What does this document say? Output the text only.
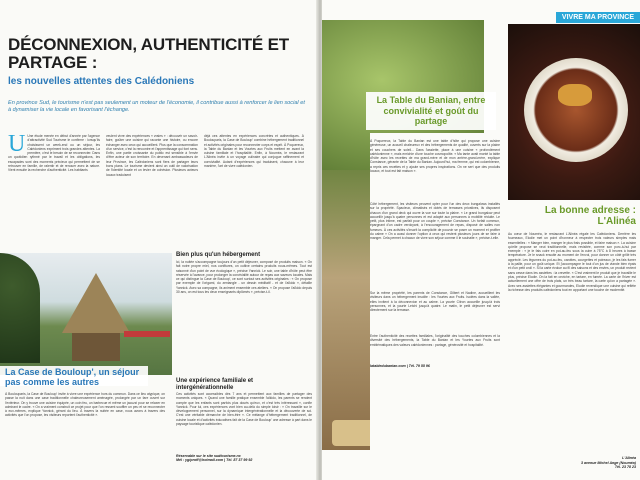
DÉCONNEXION, AUTHENTICITÉ ET PARTAGE :
les nouvelles attentes des Calédoniens
En province Sud, le tourisme n'est pas seulement un moteur de l'économie, il contribue aussi à renforcer le lien social et à dynamiser la vie locale en favorisant l'échange.
U Une étude menée en début d'année par l'agence d'attractivité Sud Tourisme le confirme : lorsqu'ils choisissent un week-end ou un séjour, les Calédoniens expriment trois grandes attentes. La première, c'est le besoin de se reconnecter. Dans un quotidien rythmé par le travail et les obligations, les escapades sont des moments précieux qui permettent de se retrouver en famille, de ralentir et de renouer avec la nature. Vient ensuite la recherche d'authenticité. Les habitants
veulent vivre des expériences « vraies » : découvrir un savoir-faire, goûter une cuisine qui raconte une histoire, ou encore échanger avec ceux qui accueillent. Plus que la consommation d'un service, c'est la rencontre et l'apprentissage qui font sens. Enfin, une partie croissante du public est sensible à l'envie d'être acteur de son territoire. En devenant ambassadeurs de leur Province, les Calédoniens sont fiers de partager leurs bons plans. Le tourisme devient ainsi un outil de valorisation de l'identité locale et un levier de cohésion. Plusieurs acteurs locaux traduisent
déjà ces attentes en expériences concrètes et authentiques. À Boulouparis, la Case de Bouloup' combine hébergement traditionnel et activités originales pour reconnecter corps et esprit. À Poquereux, la Table du Banian et les Vourtes aux Fruits mettent en avant la cuisine familiale et l'hospitalité. Enfin, à Nouméa, le restaurant L'Alinéa invite à un voyage culinaire qui conjugue raffinement et convivialité. Autant d'expériences qui traduisent, chacune à leur manière, l'art de vivre calédonien.
La Case de Bouloup', un séjour pas comme les autres
À Boulouparis, la Case de Bouloup' invite à vivre une expérience hors du commun. Dans ce lieu atypique, on passe la nuit dans une case traditionnelle chaleureusement aménagée, prolongée par un fare ouvert sur l'extérieur. On y trouve une cuisine équipée, un coin feu, un barbecue et même un jacuzzi pour se relaxer en admirant le cadre. « On a vraiment construit ce projet pour que l'on ressent souffler un peu et se reconnecter à eux-mêmes, explique Yannick, gérant du lieu. À travers la nuitée en case, nous avons à travers des activités que l'on propose, les visiteurs reportent l'authenticité ».
Bien plus qu'un hébergement
Ici, la nuitée s'accompagne toujours d'un petit déjeuner, composé de produits maison. « On fait notre propre miel, nos confitures, on cultive certains produits nous-mêmes. Tout est raisonné d'un point de vue écologique », précise Yannick. Le soir, une table d'hôte peut être réservée à l'avance, pour prolonger la convivialité autour de repas aux saveurs locales. Mais ce qui distingue la Case de Bouloup', ce sont surtout ses activités originales : « On propose par exemple de l'origami, du zentangle - un dessin méditatif - et de l'aïkido », détaille Yannick. Avec sa compagne, ils animent ensemble ces ateliers. « On propose l'aïkido depuis 30 ans, on est tous les deux enseignants diplômés », précise-t-il.
Une expérience familiale et intergénérationnelle
Ces activités sont accessibles dès 7 ans et permettent aux familles de partager des moments uniques. « Quand une famille pratique ensemble l'aïkido, les parents se rendent compte que les enfants sont parfois plus doués qu'eux, et c'est très intéressant », confie Yannick. Pour lui, ces expériences vont bien au-delà du simple loisir : « On travaille sur le développement personnel, sur la dynamique intergénérationnelle et la découverte de soi. C'est une véritable démarche de bien-être ». Ce mélange d'hébergement traditionnel, de cuisine locale et d'activités éducatives fait de la Case de Bouloup' une adresse à part dans le paysage touristique calédonien.
Réservable sur le site sudtourisme.nc
Mél : ygiproff@hotmail.com | Tél. 87 37 99 92
VIVRE MA PROVINCE
La Table du Banian, entre convivialité et goût du partage
À Poquereux, la Table du Banian est une table d'hôte qui propose une cuisine généreuse, un accueil chaleureux et des hébergements de qualité, ouverts sur la plaine et ses couchers de soleil... Dans l'assiette, place à une cuisine « profondément calédonienne », mais enrichie d'une touche cosmopolite. « Ma tante avait monté la table d'hôte avec les recettes de ma grand-mère et de mon arrière-grand-mère, explique Constance, gérante de la Table du Banian. Aujourd'hui, ma femme, qui est colombienne, a repris ces recettes et y ajoute ses propres inspirations. On ne sert que des produits locaux, et tout est fait maison ».
Côté hébergement, les visiteurs peuvent opter pour l'un des deux bungalows installés sur la propriété. Spacieux, climatisés et dotés de terrasses privatives, ils disposent chacun d'un grand deck qui ouvre la vue sur toute la plaine. « Le grand bungalow peut accueillir jusqu'à quatre personnes et est adapté aux personnes à mobilité réduite. Le petit, plus intime, est parfait pour un couple », précise Constance. Un forfait commun, épargnant d'un cadre verdoyant, à l'encouragement de repas, disposé de salles non fumeurs. À ces activités s'inscrit la complicité de pouvoir se poser un moment et profiter du calme « On a aussi donner l'option à ceux qui restent plusieurs jours de se faire à manger. Cela permet à chacun de vivre son séjour comme il le souhaite », précise-t-elle.
Sur la même propriété, les parents de Constance, Gilbert et Nadine, accueillent les visiteurs dans un hébergement insolite : les Yourtes aux Fruits. Isolées dans la vallée, elles invitent à la déconnexion et au calme. La yourte Citron accueille jusqu'à trois personnes, et la yourte Letchi jusqu'à quatre. Le matin, le petit déjeuner est servi directement sur la terrasse.
Entre l'authenticité des recettes familiales, l'originalité des touches colombiennes et la diversité des hébergements, la Table du Banian et les Yourtes aux Fruits sont emblématiques des valeurs calédoniennes : partage, générosité et hospitalité.
latabledubanian.com | Tél. 79 55 96
La bonne adresse : L'Alinéa
Au cœur de Nouméa, le restaurant L'Alinéa régale les Calédoniens. Derrière les fourneaux, Elodie met un point d'honneur à respecter trois valeurs simples mais essentielles : « Manger bien, manger le plus frais possible, et faire maison ». La cuisine qu'elle propose se veut traditionnelle, mais revisitée, comme son porc-à-hui par exemple : « je le fais cuire en pot-au-feu sous la cuire à 75°C à 8 heures à basse température. Je le snack ensuite au moment de l'envoi, pour donner un côté grillé très apprécié. Les légumes du pot-au-feu, carottes, courgettes et poireaux, je les fais fumer à la paille, pour un goût unique. Et j'accompagne le tout d'un jus de viande bien épais et d'un petit croll ». Si la carte évolue au fil des saisons et des envies, un produit revient sans cesse dans les assiettes : la crevette. « C'est vraiment le produit que je travaille le plus, précise Elodie. On la fait en ceviche, en tartare, en fumée. La carte de l'hiver est actuellement une offre de trois plats, un très beau tartare, la carte qu'on a partagée ». Avec ses assiettes élégantes et gourmandes, Elodie revendique une cuisine qui reflète la richesse des produits calédoniens tout en apportant une touche de modernité.
L'Alinéa
3 avenue Michel Ange (Nouméa)
Tél. 23 78 23
